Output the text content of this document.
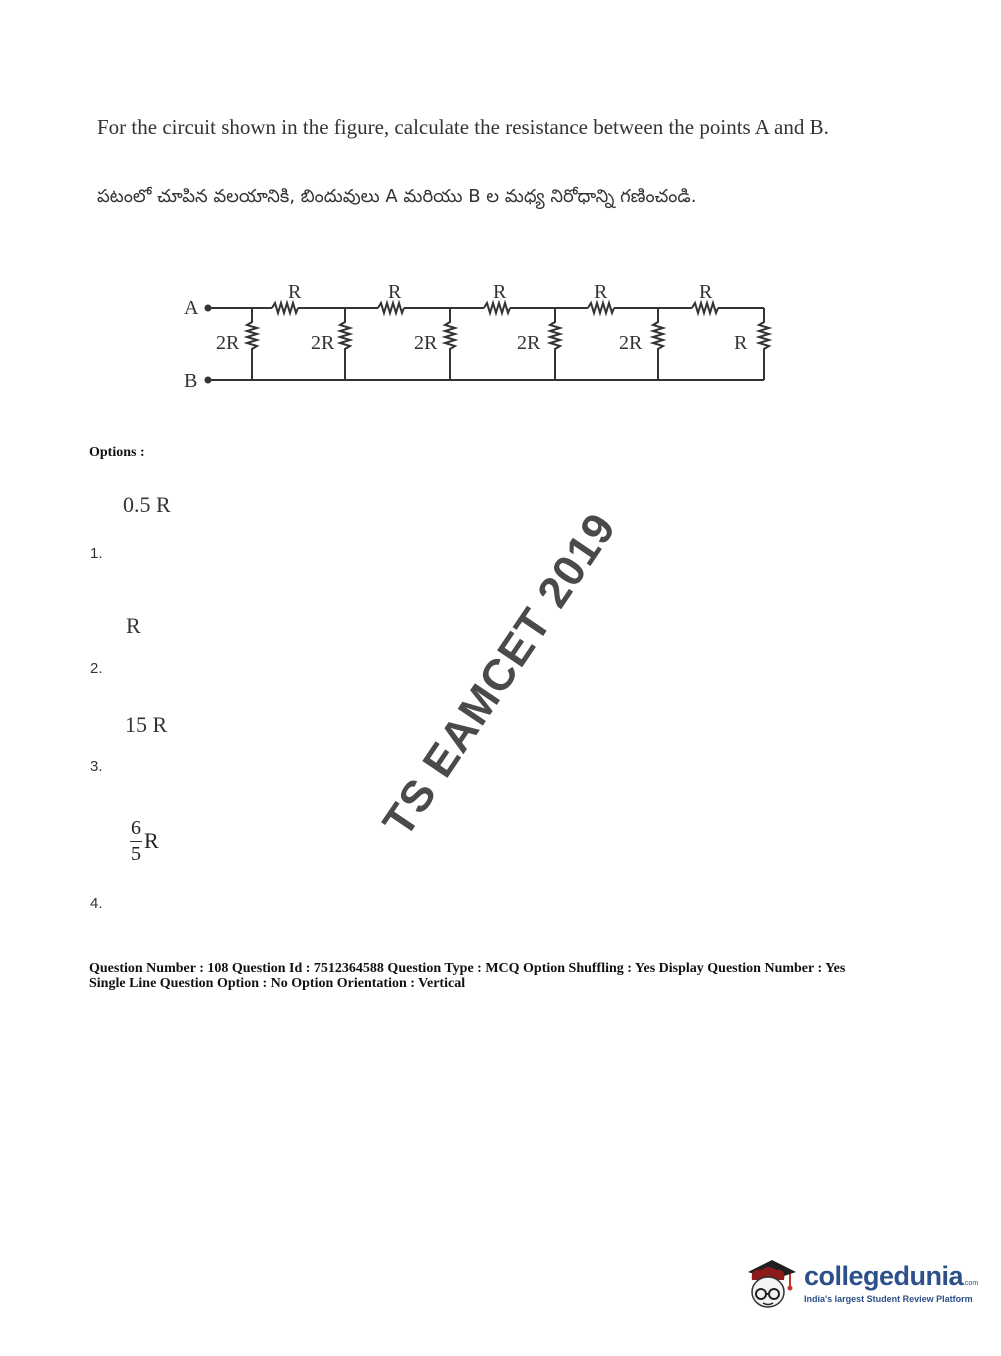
For the circuit shown in the figure, calculate the resistance between the points A and B.
పటంలో చూపిన వలయానికి, బిందువులు A మరియు B ల మధ్య నిరోధాన్ని గణించండి.
A
B
R	R	R	R	R
2R	2R	2R	2R	2R	R
Options :
0.5 R
1.
R
2.
15 R
3.
$\frac{6}{5}$ R
4.
TS EAMCET 2019
Question Number : 108 Question Id : 7512364588 Question Type : MCQ Option Shuffling : Yes Display Question Number : Yes
Single Line Question Option : No Option Orientation : Vertical
collegedunia.com
India's largest Student Review Platform
